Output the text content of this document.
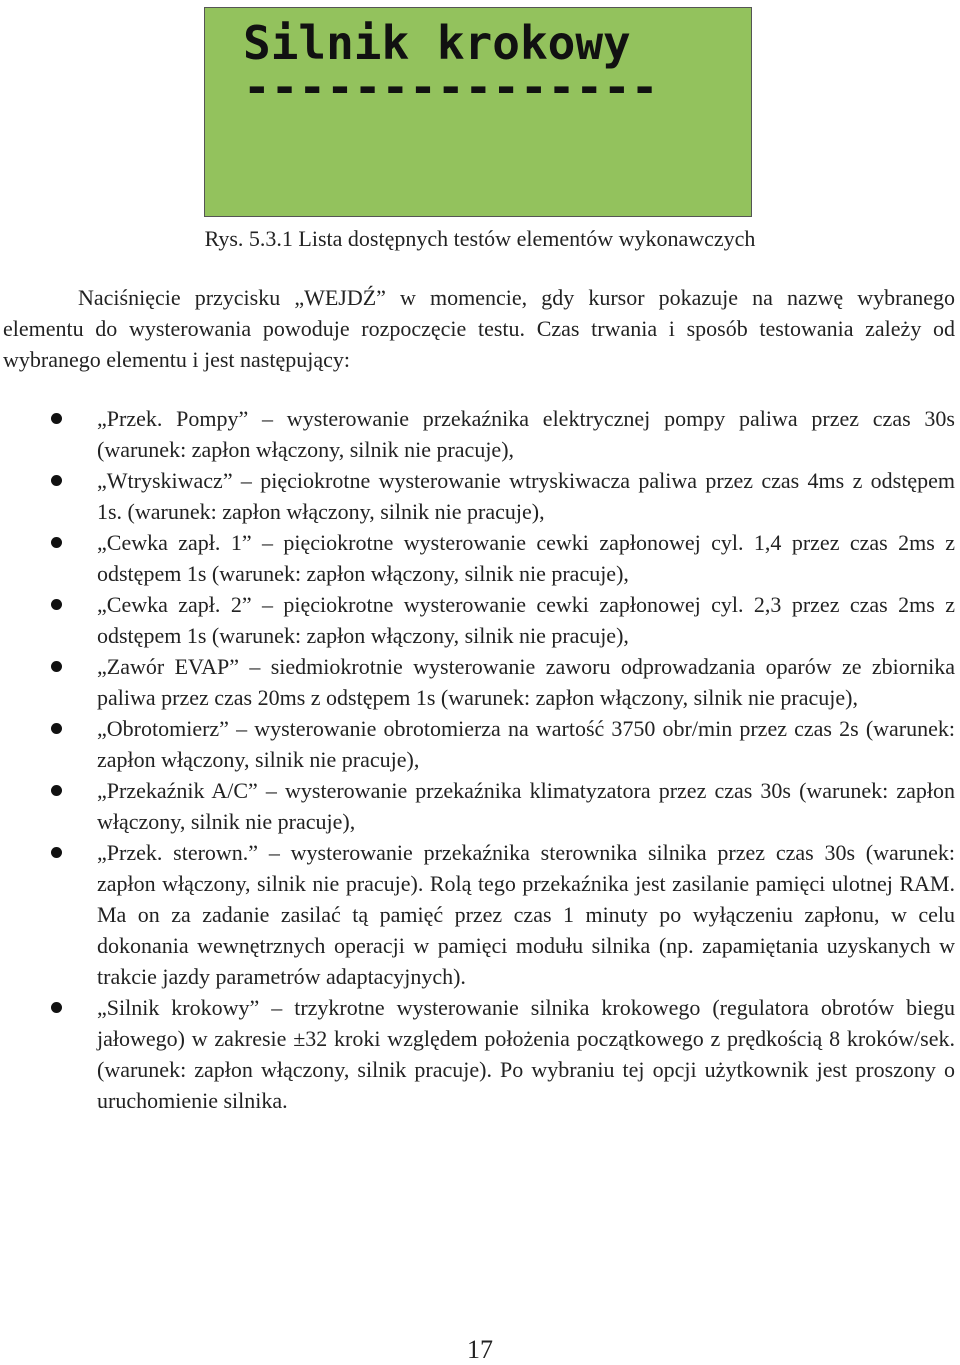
Silnik krokowy
---------------
Rys. 5.3.1 Lista dostępnych testów elementów wykonawczych

Naciśnięcie przycisku „WEJDŹ” w momencie, gdy kursor pokazuje na nazwę wybranego elementu do wysterowania powoduje rozpoczęcie testu. Czas trwania i sposób testowania zależy od wybranego elementu i jest następujący:

„Przek. Pompy” – wysterowanie przekaźnika elektrycznej pompy paliwa przez czas 30s (warunek: zapłon włączony, silnik nie pracuje),
„Wtryskiwacz” – pięciokrotne wysterowanie wtryskiwacza paliwa przez czas 4ms z odstępem 1s. (warunek: zapłon włączony, silnik nie pracuje),
„Cewka zapł. 1” – pięciokrotne wysterowanie cewki zapłonowej cyl. 1,4 przez czas 2ms z odstępem 1s (warunek: zapłon włączony, silnik nie pracuje),
„Cewka zapł. 2” – pięciokrotne wysterowanie cewki zapłonowej cyl. 2,3 przez czas 2ms z odstępem 1s (warunek: zapłon włączony, silnik nie pracuje),
„Zawór EVAP” – siedmiokrotnie wysterowanie zaworu odprowadzania oparów ze zbiornika paliwa przez czas 20ms z odstępem 1s (warunek: zapłon włączony, silnik nie pracuje),
„Obrotomierz” – wysterowanie obrotomierza na wartość 3750 obr/min przez czas 2s (warunek: zapłon włączony, silnik nie pracuje),
„Przekaźnik A/C” – wysterowanie przekaźnika klimatyzatora przez czas 30s (warunek: zapłon włączony, silnik nie pracuje),
„Przek. sterown.” – wysterowanie przekaźnika sterownika silnika przez czas 30s (warunek: zapłon włączony, silnik nie pracuje). Rolą tego przekaźnika jest zasilanie pamięci ulotnej RAM. Ma on za zadanie zasilać tą pamięć przez czas 1 minuty po wyłączeniu zapłonu, w celu dokonania wewnętrznych operacji w pamięci modułu silnika (np. zapamiętania uzyskanych w trakcie jazdy parametrów adaptacyjnych).
„Silnik krokowy” – trzykrotne wysterowanie silnika krokowego (regulatora obrotów biegu jałowego) w zakresie ±32 kroki względem położenia początkowego z prędkością 8 kroków/sek. (warunek: zapłon włączony, silnik pracuje). Po wybraniu tej opcji użytkownik jest proszony o uruchomienie silnika.
17
